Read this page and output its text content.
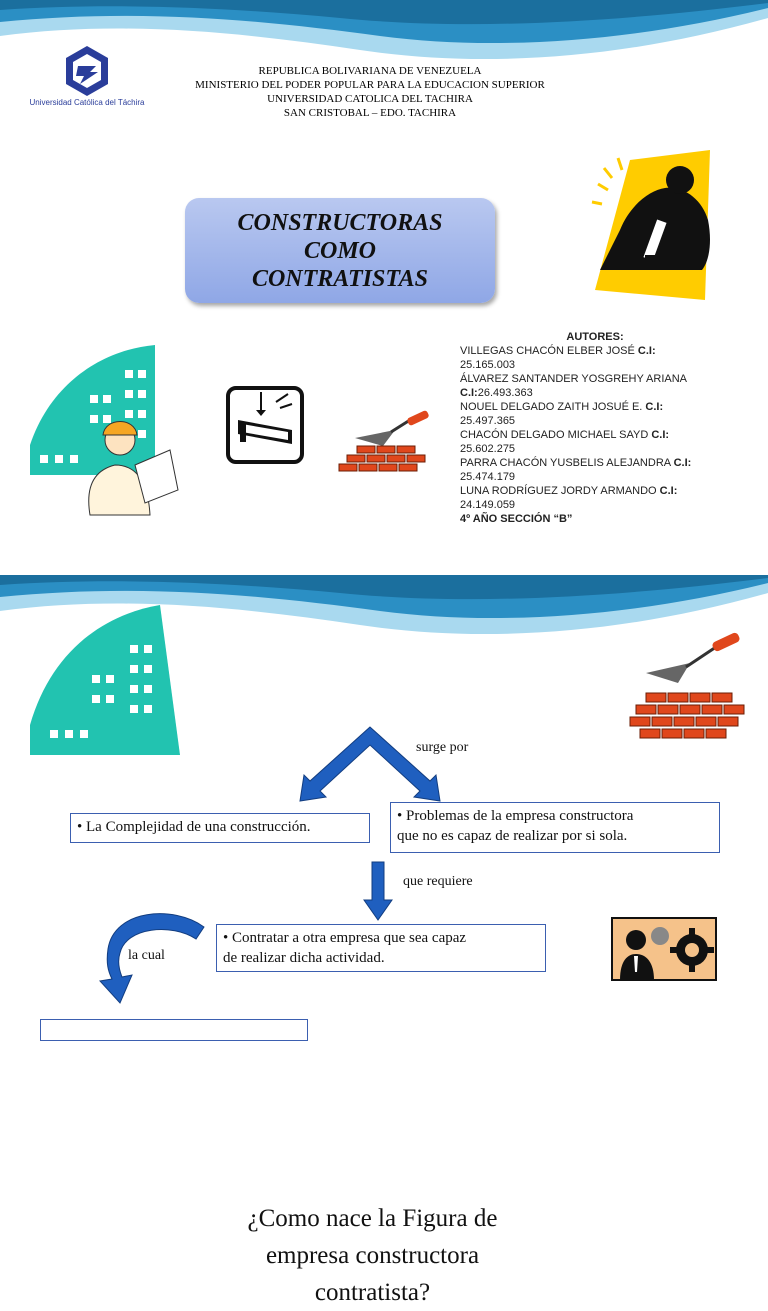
Universidad Católica del Táchira
REPUBLICA BOLIVARIANA DE VENEZUELA
MINISTERIO DEL PODER POPULAR PARA LA EDUCACION SUPERIOR
UNIVERSIDAD CATOLICA DEL TACHIRA
SAN CRISTOBAL – EDO. TACHIRA
CONSTRUCTORAS
COMO
CONTRATISTAS
AUTORES:
VILLEGAS CHACÓN ELBER JOSÉ C.I:
25.165.003
ÁLVAREZ SANTANDER YOSGREHY ARIANA
C.I:26.493.363
NOUEL DELGADO ZAITH JOSUÉ E. C.I:
25.497.365
CHACÓN DELGADO MICHAEL SAYD C.I:
25.602.275
PARRA CHACÓN YUSBELIS ALEJANDRA C.I:
25.474.179
LUNA RODRÍGUEZ JORDY ARMANDO C.I:
24.149.059
4º AÑO SECCIÓN “B”
¿Como nace la Figura de
empresa constructora
contratista?
surge por
• La Complejidad de una construcción.
• Problemas de la empresa constructora
que no es capaz de realizar por si sola.
que requiere
• Contratar a otra empresa que sea capaz
de realizar dicha actividad.
la cual
